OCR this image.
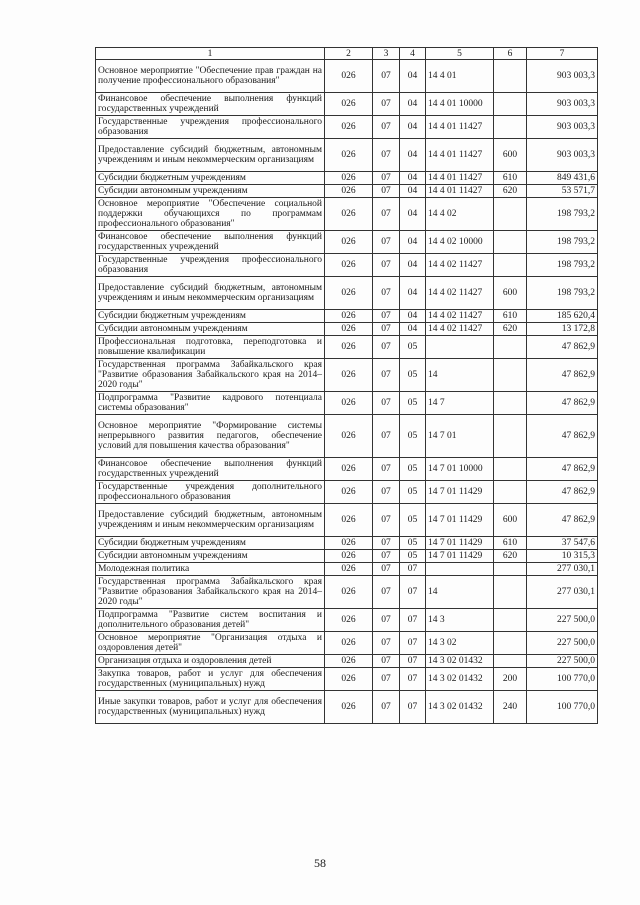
1	2	3	4	5	6	7
Основное мероприятие "Обеспечение прав граждан на получение профессионального образования"	026	07	04	14 4 01		903 003,3
Финансовое обеспечение выполнения функций государственных учреждений	026	07	04	14 4 01 10000		903 003,3
Государственные учреждения профессионального образования	026	07	04	14 4 01 11427		903 003,3
Предоставление субсидий бюджетным, автономным учреждениям и иным некоммерческим организациям	026	07	04	14 4 01 11427	600	903 003,3
Субсидии бюджетным учреждениям	026	07	04	14 4 01 11427	610	849 431,6
Субсидии автономным учреждениям	026	07	04	14 4 01 11427	620	53 571,7
Основное мероприятие "Обеспечение социальной поддержки обучающихся по программам профессионального образования"	026	07	04	14 4 02		198 793,2
Финансовое обеспечение выполнения функций государственных учреждений	026	07	04	14 4 02 10000		198 793,2
Государственные учреждения профессионального образования	026	07	04	14 4 02 11427		198 793,2
Предоставление субсидий бюджетным, автономным учреждениям и иным некоммерческим организациям	026	07	04	14 4 02 11427	600	198 793,2
Субсидии бюджетным учреждениям	026	07	04	14 4 02 11427	610	185 620,4
Субсидии автономным учреждениям	026	07	04	14 4 02 11427	620	13 172,8
Профессиональная подготовка, переподготовка и повышение квалификации	026	07	05			47 862,9
Государственная программа Забайкальского края "Развитие образования Забайкальского края на 2014–2020 годы"	026	07	05	14		47 862,9
Подпрограмма "Развитие кадрового потенциала системы образования"	026	07	05	14 7		47 862,9
Основное мероприятие "Формирование системы непрерывного развития педагогов, обеспечение условий для повышения качества образования"	026	07	05	14 7 01		47 862,9
Финансовое обеспечение выполнения функций государственных учреждений	026	07	05	14 7 01 10000		47 862,9
Государственные учреждения дополнительного профессионального образования	026	07	05	14 7 01 11429		47 862,9
Предоставление субсидий бюджетным, автономным учреждениям и иным некоммерческим организациям	026	07	05	14 7 01 11429	600	47 862,9
Субсидии бюджетным учреждениям	026	07	05	14 7 01 11429	610	37 547,6
Субсидии автономным учреждениям	026	07	05	14 7 01 11429	620	10 315,3
Молодежная политика	026	07	07			277 030,1
Государственная программа Забайкальского края "Развитие образования Забайкальского края на 2014–2020 годы"	026	07	07	14		277 030,1
Подпрограмма "Развитие систем воспитания и дополнительного образования детей"	026	07	07	14 3		227 500,0
Основное мероприятие "Организация отдыха и оздоровления детей"	026	07	07	14 3 02		227 500,0
Организация отдыха и оздоровления детей	026	07	07	14 3 02 01432		227 500,0
Закупка товаров, работ и услуг для обеспечения государственных (муниципальных) нужд	026	07	07	14 3 02 01432	200	100 770,0
Иные закупки товаров, работ и услуг для обеспечения государственных (муниципальных) нужд	026	07	07	14 3 02 01432	240	100 770,0
58
